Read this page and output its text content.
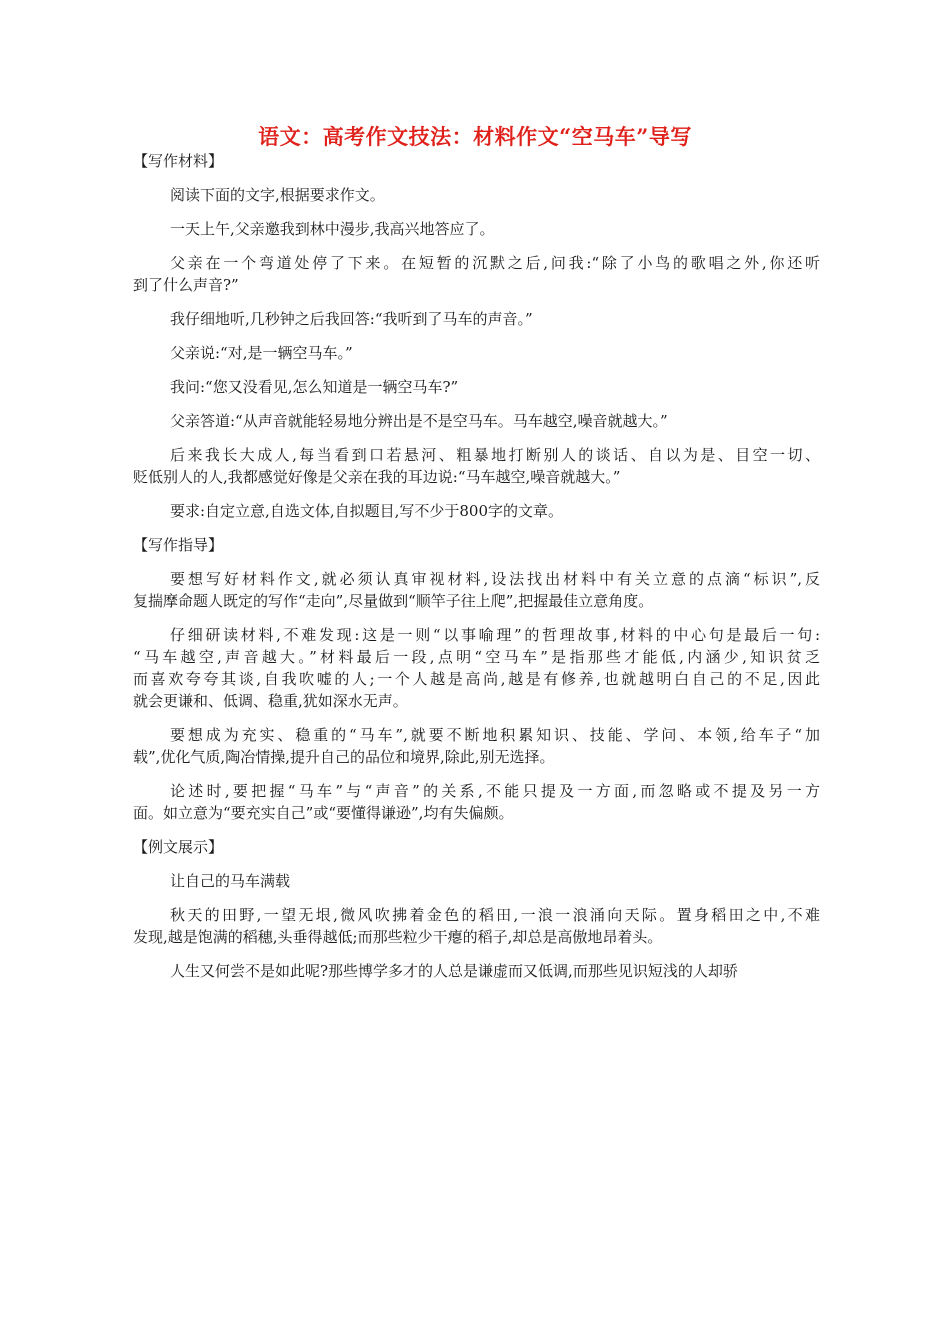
语文：高考作文技法：材料作文“空马车”导写

【写作材料】

阅读下面的文字,根据要求作文。

一天上午,父亲邀我到林中漫步,我高兴地答应了。

父亲在一个弯道处停了下来。在短暂的沉默之后,问我:“除了小鸟的歌唱之外,你还听
到了什么声音?”

我仔细地听,几秒钟之后我回答:“我听到了马车的声音。”

父亲说:“对,是一辆空马车。”

我问:“您又没看见,怎么知道是一辆空马车?”

父亲答道:“从声音就能轻易地分辨出是不是空马车。马车越空,噪音就越大。”

后来我长大成人,每当看到口若悬河、粗暴地打断别人的谈话、自以为是、目空一切、
贬低别人的人,我都感觉好像是父亲在我的耳边说:“马车越空,噪音就越大。”

要求:自定立意,自选文体,自拟题目,写不少于800字的文章。

【写作指导】

要想写好材料作文,就必须认真审视材料,设法找出材料中有关立意的点滴“标识”,反
复揣摩命题人既定的写作“走向”,尽量做到“顺竿子往上爬”,把握最佳立意角度。

仔细研读材料,不难发现:这是一则“以事喻理”的哲理故事,材料的中心句是最后一句:
“马车越空,声音越大。”材料最后一段,点明“空马车”是指那些才能低,内涵少,知识贫乏
而喜欢夸夸其谈,自我吹嘘的人;一个人越是高尚,越是有修养,也就越明白自己的不足,因此
就会更谦和、低调、稳重,犹如深水无声。

要想成为充实、稳重的“马车”,就要不断地积累知识、技能、学问、本领,给车子“加
载”,优化气质,陶冶情操,提升自己的品位和境界,除此,别无选择。

论述时,要把握“马车”与“声音”的关系,不能只提及一方面,而忽略或不提及另一方
面。如立意为“要充实自己”或“要懂得谦逊”,均有失偏颇。

【例文展示】

让自己的马车满载

秋天的田野,一望无垠,微风吹拂着金色的稻田,一浪一浪涌向天际。置身稻田之中,不难
发现,越是饱满的稻穗,头垂得越低;而那些粒少干瘪的稻子,却总是高傲地昂着头。

人生又何尝不是如此呢?那些博学多才的人总是谦虚而又低调,而那些见识短浅的人却骄
